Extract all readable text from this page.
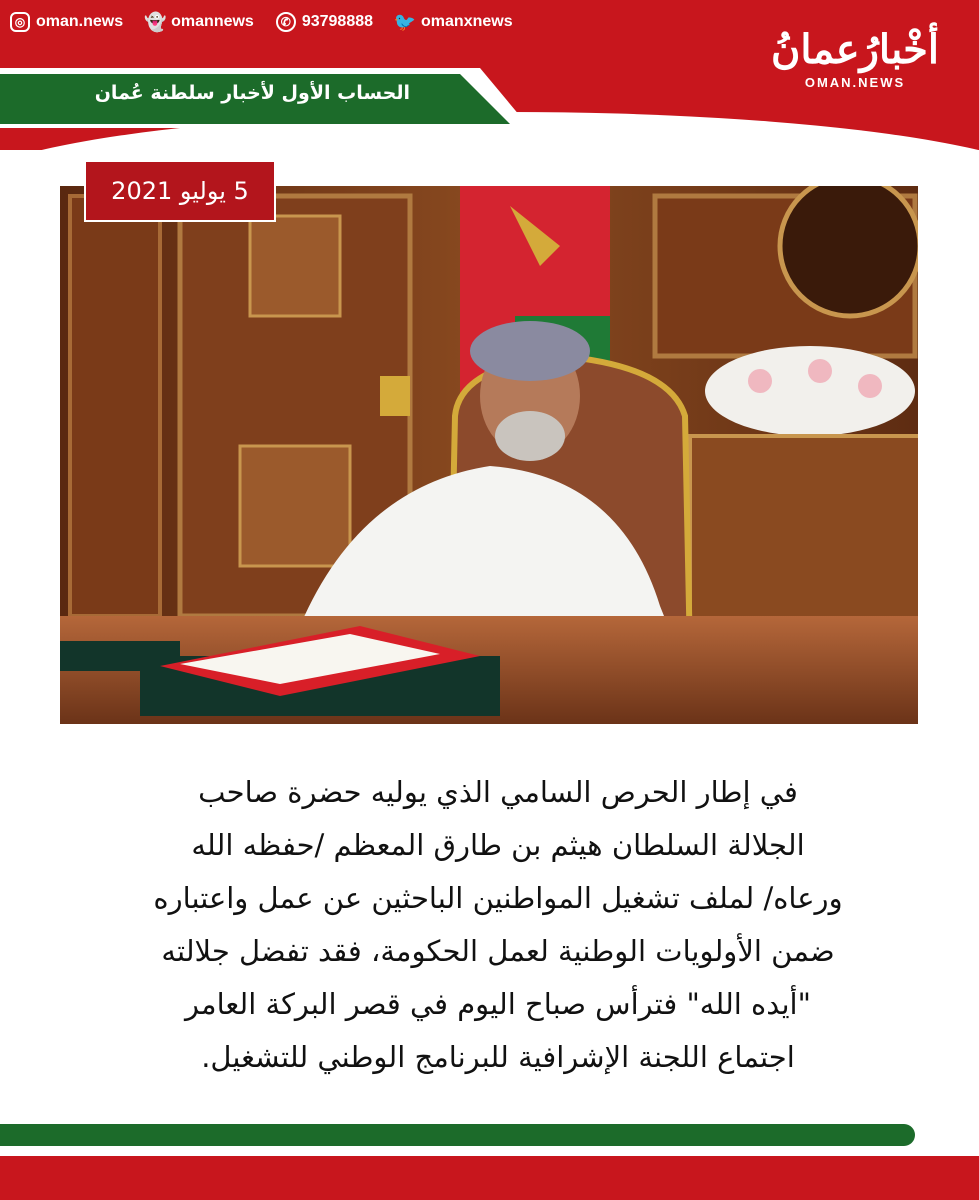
◎ oman.news 👻 omannews	✆ 93798888 🐦 omanxnews
الحساب الأول لأخبار سلطنة عُمان
أخْبارُعمانُ
OMAN.NEWS
5 يوليو 2021
في إطار الحرص السامي الذي يوليه حضرة صاحب
الجلالة السلطان هيثم بن طارق المعظم /حفظه الله
ورعاه/ لملف تشغيل المواطنين الباحثين عن عمل واعتباره
ضمن الأولويات الوطنية لعمل الحكومة، فقد تفضل جلالته
"أيده الله" فترأس صباح اليوم في قصر البركة العامر
اجتماع اللجنة الإشرافية للبرنامج الوطني للتشغيل.
